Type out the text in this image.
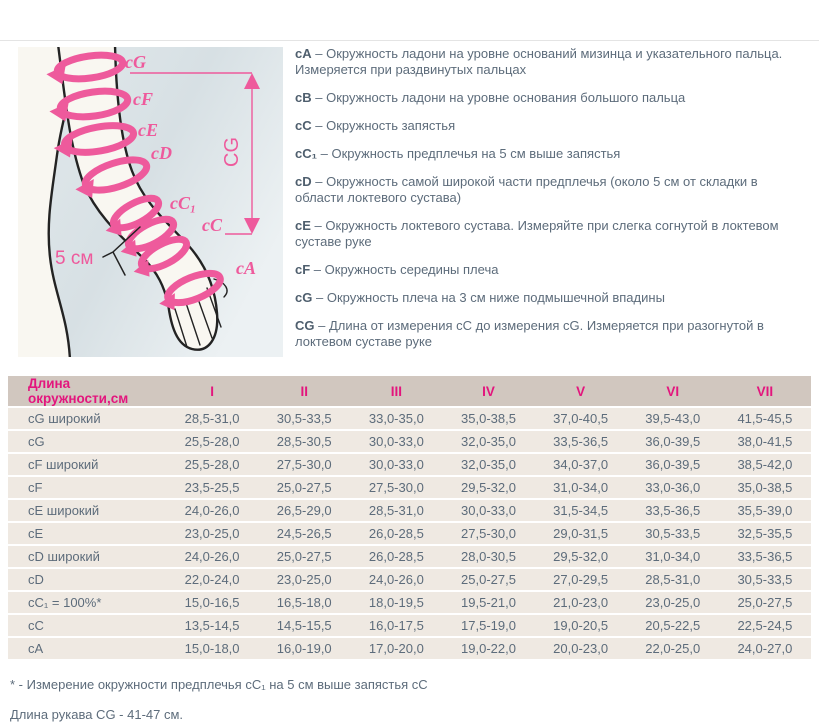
cG
cF
cE
cD
cC₁
cC
cA
5 см
CG

cA – Окружность ладони на уровне оснований мизинца и указательного пальца. Измеряется при раздвинутых пальцах

cB – Окружность ладони на уровне основания большого пальца

cC – Окружность запястья

cC₁ – Окружность предплечья на 5 см выше запястья

cD – Окружность самой широкой части предплечья (около 5 см от складки в области локтевого сустава)

cE – Окружность локтевого сустава. Измеряйте при слегка согнутой в локтевом суставе руке

cF – Окружность середины плеча

cG – Окружность плеча на 3 см ниже подмышечной впадины

CG – Длина от измерения cC до измерения cG. Измеряется при разогнутой в локтевом суставе руке

Длина окружности,см	I	II	III	IV	V	VI	VII
cG широкий	28,5-31,0	30,5-33,5	33,0-35,0	35,0-38,5	37,0-40,5	39,5-43,0	41,5-45,5
cG	25,5-28,0	28,5-30,5	30,0-33,0	32,0-35,0	33,5-36,5	36,0-39,5	38,0-41,5
cF широкий	25,5-28,0	27,5-30,0	30,0-33,0	32,0-35,0	34,0-37,0	36,0-39,5	38,5-42,0
cF	23,5-25,5	25,0-27,5	27,5-30,0	29,5-32,0	31,0-34,0	33,0-36,0	35,0-38,5
cE широкий	24,0-26,0	26,5-29,0	28,5-31,0	30,0-33,0	31,5-34,5	33,5-36,5	35,5-39,0
cE	23,0-25,0	24,5-26,5	26,0-28,5	27,5-30,0	29,0-31,5	30,5-33,5	32,5-35,5
cD широкий	24,0-26,0	25,0-27,5	26,0-28,5	28,0-30,5	29,5-32,0	31,0-34,0	33,5-36,5
cD	22,0-24,0	23,0-25,0	24,0-26,0	25,0-27,5	27,0-29,5	28,5-31,0	30,5-33,5
cC₁ = 100%*	15,0-16,5	16,5-18,0	18,0-19,5	19,5-21,0	21,0-23,0	23,0-25,0	25,0-27,5
cC	13,5-14,5	14,5-15,5	16,0-17,5	17,5-19,0	19,0-20,5	20,5-22,5	22,5-24,5
cA	15,0-18,0	16,0-19,0	17,0-20,0	19,0-22,0	20,0-23,0	22,0-25,0	24,0-27,0

* - Измерение окружности предплечья cC₁ на 5 см выше запястья cC

Длина рукава CG - 41-47 см.
